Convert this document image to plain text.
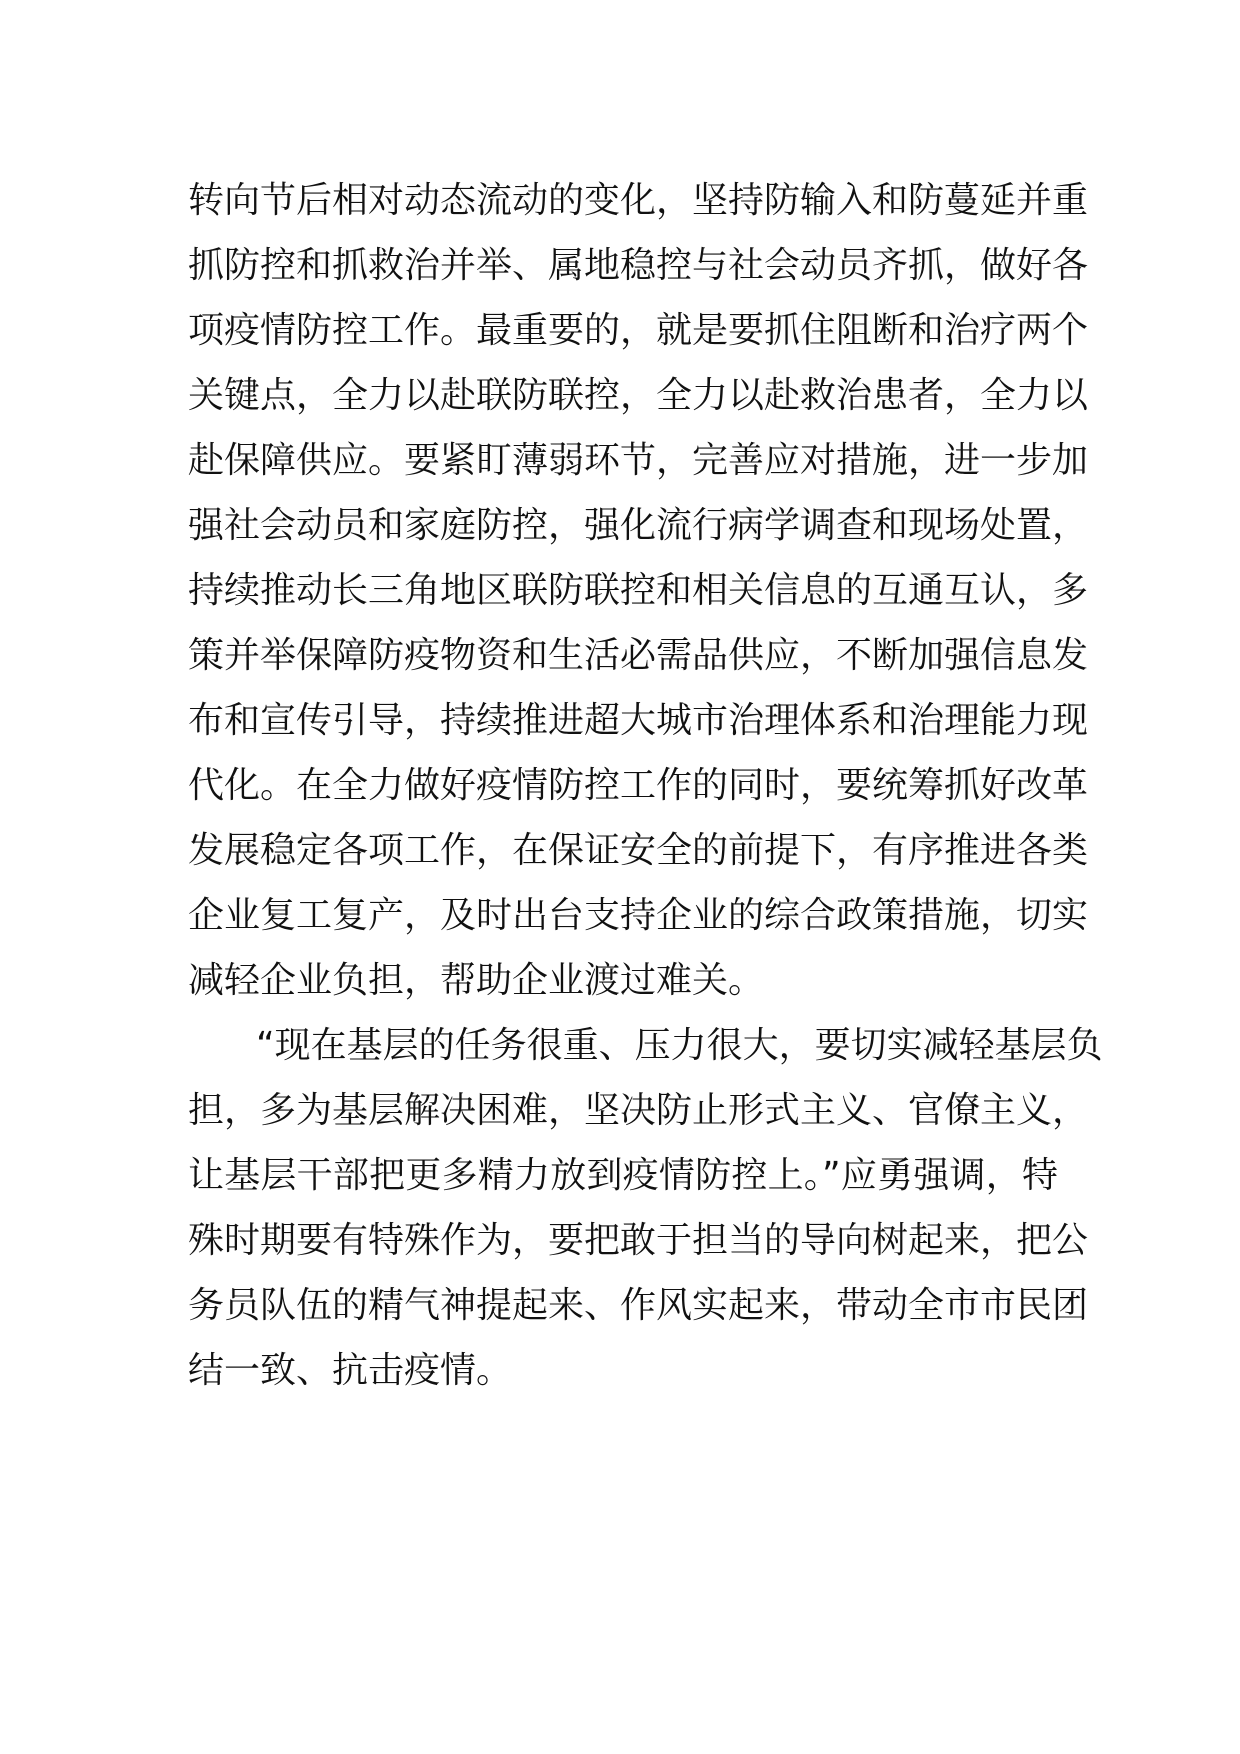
转向节后相对动态流动的变化，坚持防输入和防蔓延并重
抓防控和抓救治并举、属地稳控与社会动员齐抓，做好各
项疫情防控工作。最重要的，就是要抓住阻断和治疗两个
关键点，全力以赴联防联控，全力以赴救治患者，全力以
赴保障供应。要紧盯薄弱环节，完善应对措施，进一步加
强社会动员和家庭防控，强化流行病学调查和现场处置，
持续推动长三角地区联防联控和相关信息的互通互认，多
策并举保障防疫物资和生活必需品供应，不断加强信息发
布和宣传引导，持续推进超大城市治理体系和治理能力现
代化。在全力做好疫情防控工作的同时，要统筹抓好改革
发展稳定各项工作，在保证安全的前提下，有序推进各类
企业复工复产，及时出台支持企业的综合政策措施，切实
减轻企业负担，帮助企业渡过难关。
“现在基层的任务很重、压力很大，要切实减轻基层负
担，多为基层解决困难，坚决防止形式主义、官僚主义，
让基层干部把更多精力放到疫情防控上。”应勇强调，特
殊时期要有特殊作为，要把敢于担当的导向树起来，把公
务员队伍的精气神提起来、作风实起来，带动全市市民团
结一致、抗击疫情。
